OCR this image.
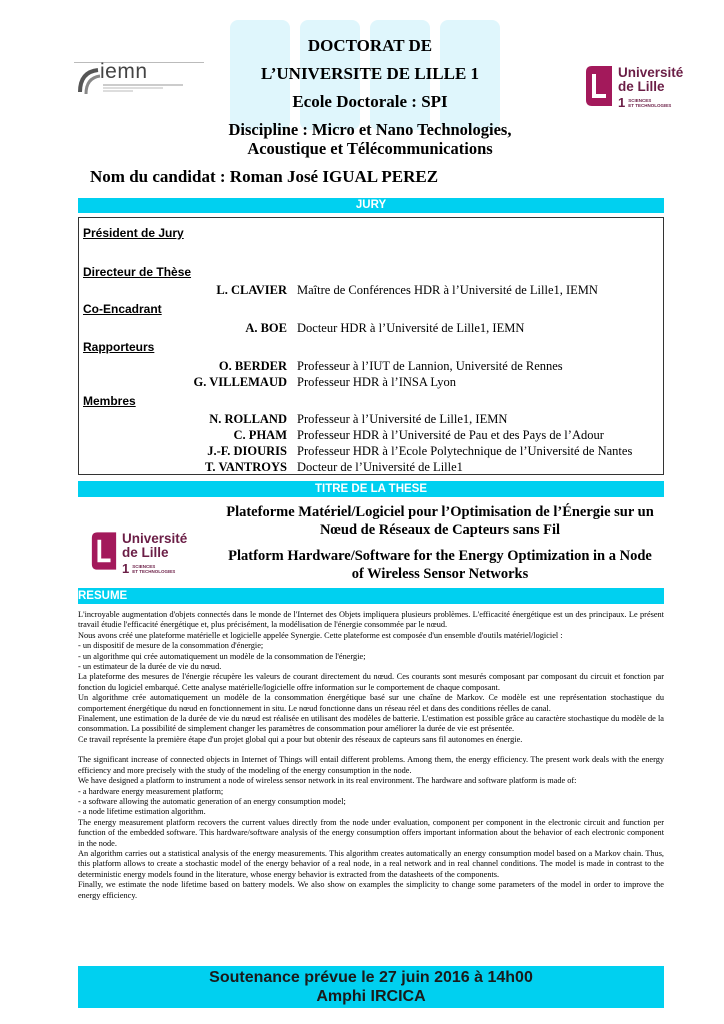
iemn
DOCTORAT DE
L’UNIVERSITE DE LILLE 1
Ecole Doctorale : SPI
Discipline : Micro et Nano Technologies,
Acoustique et Télécommunications
Université
de Lille
1 SCIENCES
ET TECHNOLOGIES
Nom du candidat : Roman José IGUAL PEREZ
JURY
Président de Jury
Directeur de Thèse
L. CLAVIER Maître de Conférences HDR à l’Université de Lille1, IEMN
Co-Encadrant
A. BOE Docteur HDR à l’Université de Lille1, IEMN
Rapporteurs
O. BERDER Professeur à l’IUT de Lannion, Université de Rennes
G. VILLEMAUD Professeur HDR à l’INSA Lyon
Membres
N. ROLLAND Professeur à l’Université de Lille1, IEMN
C. PHAM Professeur HDR à l’Université de Pau et des Pays de l’Adour
J.-F. DIOURIS Professeur HDR à l’Ecole Polytechnique de l’Université de Nantes
T. VANTROYS Docteur de l’Université de Lille1
TITRE DE LA THESE
Université
de Lille
1 SCIENCES
ET TECHNOLOGIES
Plateforme Matériel/Logiciel pour l’Optimisation de l’Énergie sur un Nœud de Réseaux de Capteurs sans Fil
Platform Hardware/Software for the Energy Optimization in a Node of Wireless Sensor Networks
RESUME

L'incroyable augmentation d'objets connectés dans le monde de l'Internet des Objets impliquera plusieurs problèmes. L'efficacité énergétique est un des principaux. Le présent travail étudie l'efficacité énergétique et, plus précisément, la modélisation de l'énergie consommée par le nœud.

Nous avons créé une plateforme matérielle et logicielle appelée Synergie. Cette plateforme est composée d'un ensemble d'outils matériel/logiciel :

- un dispositif de mesure de la consommation d'énergie;

- un algorithme qui crée automatiquement un modèle de la consommation de l'énergie;

- un estimateur de la durée de vie du nœud.

La plateforme des mesures de l'énergie récupère les valeurs de courant directement du nœud. Ces courants sont mesurés composant par composant du circuit et fonction par fonction du logiciel embarqué. Cette analyse matérielle/logicielle offre information sur le comportement de chaque composant.

Un algorithme crée automatiquement un modèle de la consommation énergétique basé sur une chaîne de Markov. Ce modèle est une représentation stochastique du comportement énergétique du nœud en fonctionnement in situ. Le nœud fonctionne dans un réseau réel et dans des conditions réelles de canal.

Finalement, une estimation de la durée de vie du nœud est réalisée en utilisant des modèles de batterie. L'estimation est possible grâce au caractère stochastique du modèle de la consommation. La possibilité de simplement changer les paramètres de consommation pour améliorer la durée de vie est présentée.

Ce travail représente la première étape d'un projet global qui a pour but obtenir des réseaux de capteurs sans fil autonomes en énergie.

The significant increase of connected objects in Internet of Things will entail different problems. Among them, the energy efficiency. The present work deals with the energy efficiency and more precisely with the study of the modeling of the energy consumption in the node.

We have designed a platform to instrument a node of wireless sensor network in its real environment. The hardware and software platform is made of:

- a hardware energy measurement platform;

- a software allowing the automatic generation of an energy consumption model;

- a node lifetime estimation algorithm.

The energy measurement platform recovers the current values directly from the node under evaluation, component per component in the electronic circuit and function per function of the embedded software. This hardware/software analysis of the energy consumption offers important information about the behavior of each electronic component in the node.

An algorithm carries out a statistical analysis of the energy measurements. This algorithm creates automatically an energy consumption model based on a Markov chain. Thus, this platform allows to create a stochastic model of the energy behavior of a real node, in a real network and in real channel conditions. The model is made in contrast to the deterministic energy models found in the literature, whose energy behavior is extracted from the datasheets of the components.

Finally, we estimate the node lifetime based on battery models. We also show on examples the simplicity to change some parameters of the model in order to improve the energy efficiency.

Soutenance prévue le 27 juin 2016 à 14h00
Amphi IRCICA
